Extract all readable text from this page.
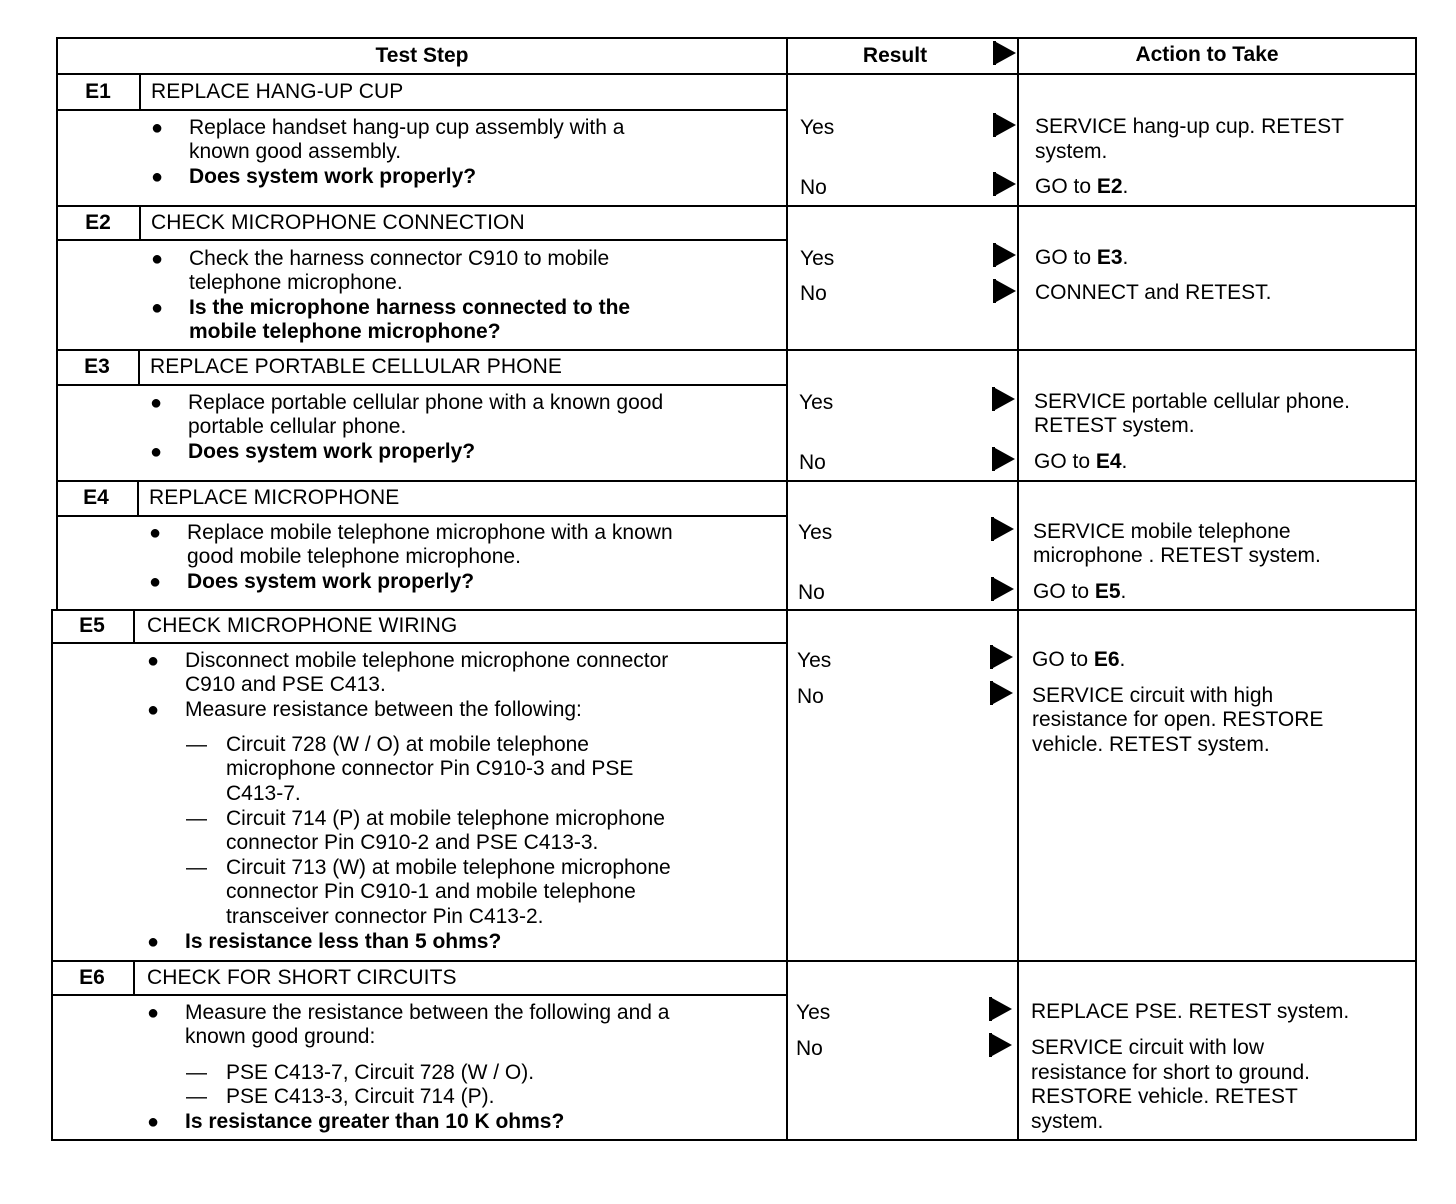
Test Step	Result	Action to Take
E1	REPLACE HANG-UP CUP
● Replace handset hang-up cup assembly with a
known good assembly.
● Does system work properly?
Yes	SERVICE hang-up cup. RETEST
system.
No	GO to E2.
E2	CHECK MICROPHONE CONNECTION
● Check the harness connector C910 to mobile
telephone microphone.
● Is the microphone harness connected to the
mobile telephone microphone?
Yes	GO to E3.
No	CONNECT and RETEST.
E3	REPLACE PORTABLE CELLULAR PHONE
● Replace portable cellular phone with a known good
portable cellular phone.
● Does system work properly?
Yes	SERVICE portable cellular phone.
RETEST system.
No	GO to E4.
E4	REPLACE MICROPHONE
● Replace mobile telephone microphone with a known
good mobile telephone microphone.
● Does system work properly?
Yes	SERVICE mobile telephone
microphone . RETEST system.
No	GO to E5.
E5	CHECK MICROPHONE WIRING
● Disconnect mobile telephone microphone connector
C910 and PSE C413.
● Measure resistance between the following:
— Circuit 728 (W / O) at mobile telephone
microphone connector Pin C910-3 and PSE
C413-7.
— Circuit 714 (P) at mobile telephone microphone
connector Pin C910-2 and PSE C413-3.
— Circuit 713 (W) at mobile telephone microphone
connector Pin C910-1 and mobile telephone
transceiver connector Pin C413-2.
● Is resistance less than 5 ohms?
Yes	GO to E6.
No	SERVICE circuit with high
resistance for open. RESTORE
vehicle. RETEST system.
E6	CHECK FOR SHORT CIRCUITS
● Measure the resistance between the following and a
known good ground:
— PSE C413-7, Circuit 728 (W / O).
— PSE C413-3, Circuit 714 (P).
● Is resistance greater than 10 K ohms?
Yes	REPLACE PSE. RETEST system.
No	SERVICE circuit with low
resistance for short to ground.
RESTORE vehicle. RETEST
system.
